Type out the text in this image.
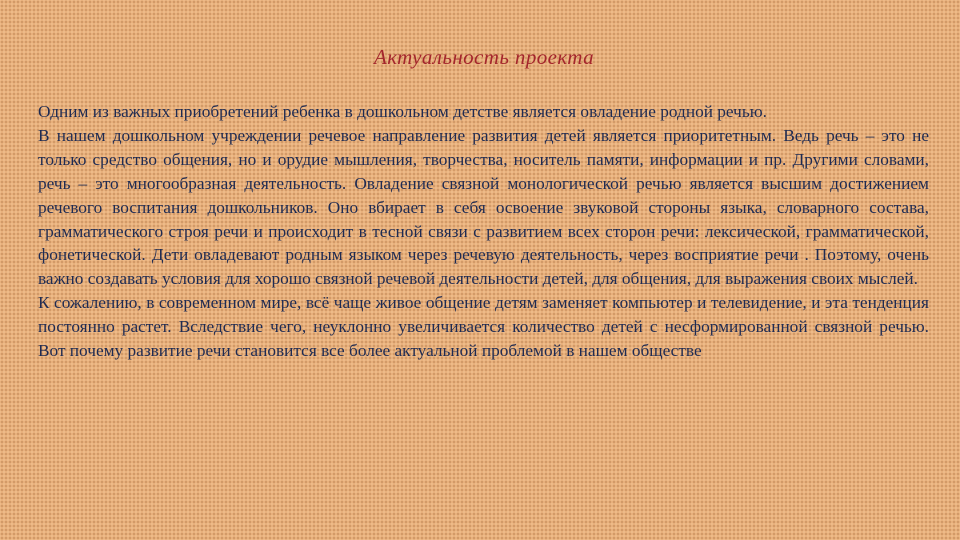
Актуальность проекта

Одним из важных приобретений ребенка в дошкольном детстве является овладение родной речью.

В нашем дошкольном учреждении речевое направление развития детей является приоритетным. Ведь речь – это не только средство общения, но и орудие мышления, творчества, носитель памяти, информации и пр. Другими словами, речь – это многообразная деятельность. Овладение связной монологической речью является высшим достижением речевого воспитания дошкольников. Оно вбирает в себя освоение звуковой стороны языка, словарного состава, грамматического строя речи и происходит в тесной связи с развитием всех сторон речи: лексической, грамматической, фонетической. Дети овладевают родным языком через речевую деятельность, через восприятие речи . Поэтому, очень важно создавать условия для хорошо связной речевой деятельности детей, для общения, для выражения своих мыслей.

К сожалению, в современном мире, всё чаще живое общение детям заменяет компьютер и телевидение, и эта тенденция постоянно растет. Вследствие чего, неуклонно увеличивается количество детей с несформированной связной речью. Вот почему развитие речи становится все более актуальной проблемой в нашем обществе
